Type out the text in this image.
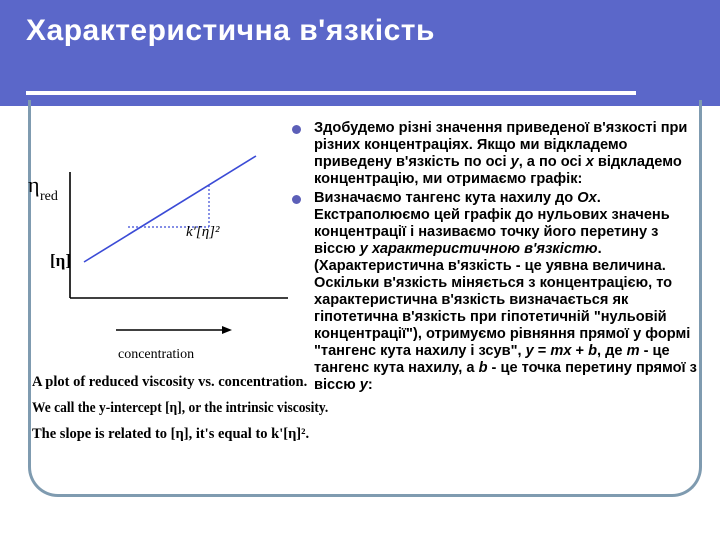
Характеристична в'язкість
η red
[η]
k'[η]²
concentration
A plot of reduced viscosity vs. concentration.
We call the y-intercept [η], or the intrinsic viscosity.
The slope is related to [η], it's equal to k'[η]².
Здобудемо різні значення приведеної в'язкості при різних концентраціях. Якщо ми відкладемо приведену в'язкість по осі y, а по осі x відкладемо концентрацію, ми отримаємо графік:
Визначаємо тангенс кута нахилу до Ox. Екстраполюємо цей графік до нульових значень концентрації і називаємо точку його перетину з віссю y характеристичною в'язкістю. (Характеристична в'язкість - це уявна величина. Оскільки в'язкість міняється з концентрацією, то характеристична в'язкість визначається як гіпотетична в'язкість при гіпотетичній "нульовій концентрації"), отримуємо рівняння прямої у формі "тангенс кута нахилу і зсув", y = mx + b, де m - це тангенс кута нахилу, а b - це точка перетину прямої з віссю y:
